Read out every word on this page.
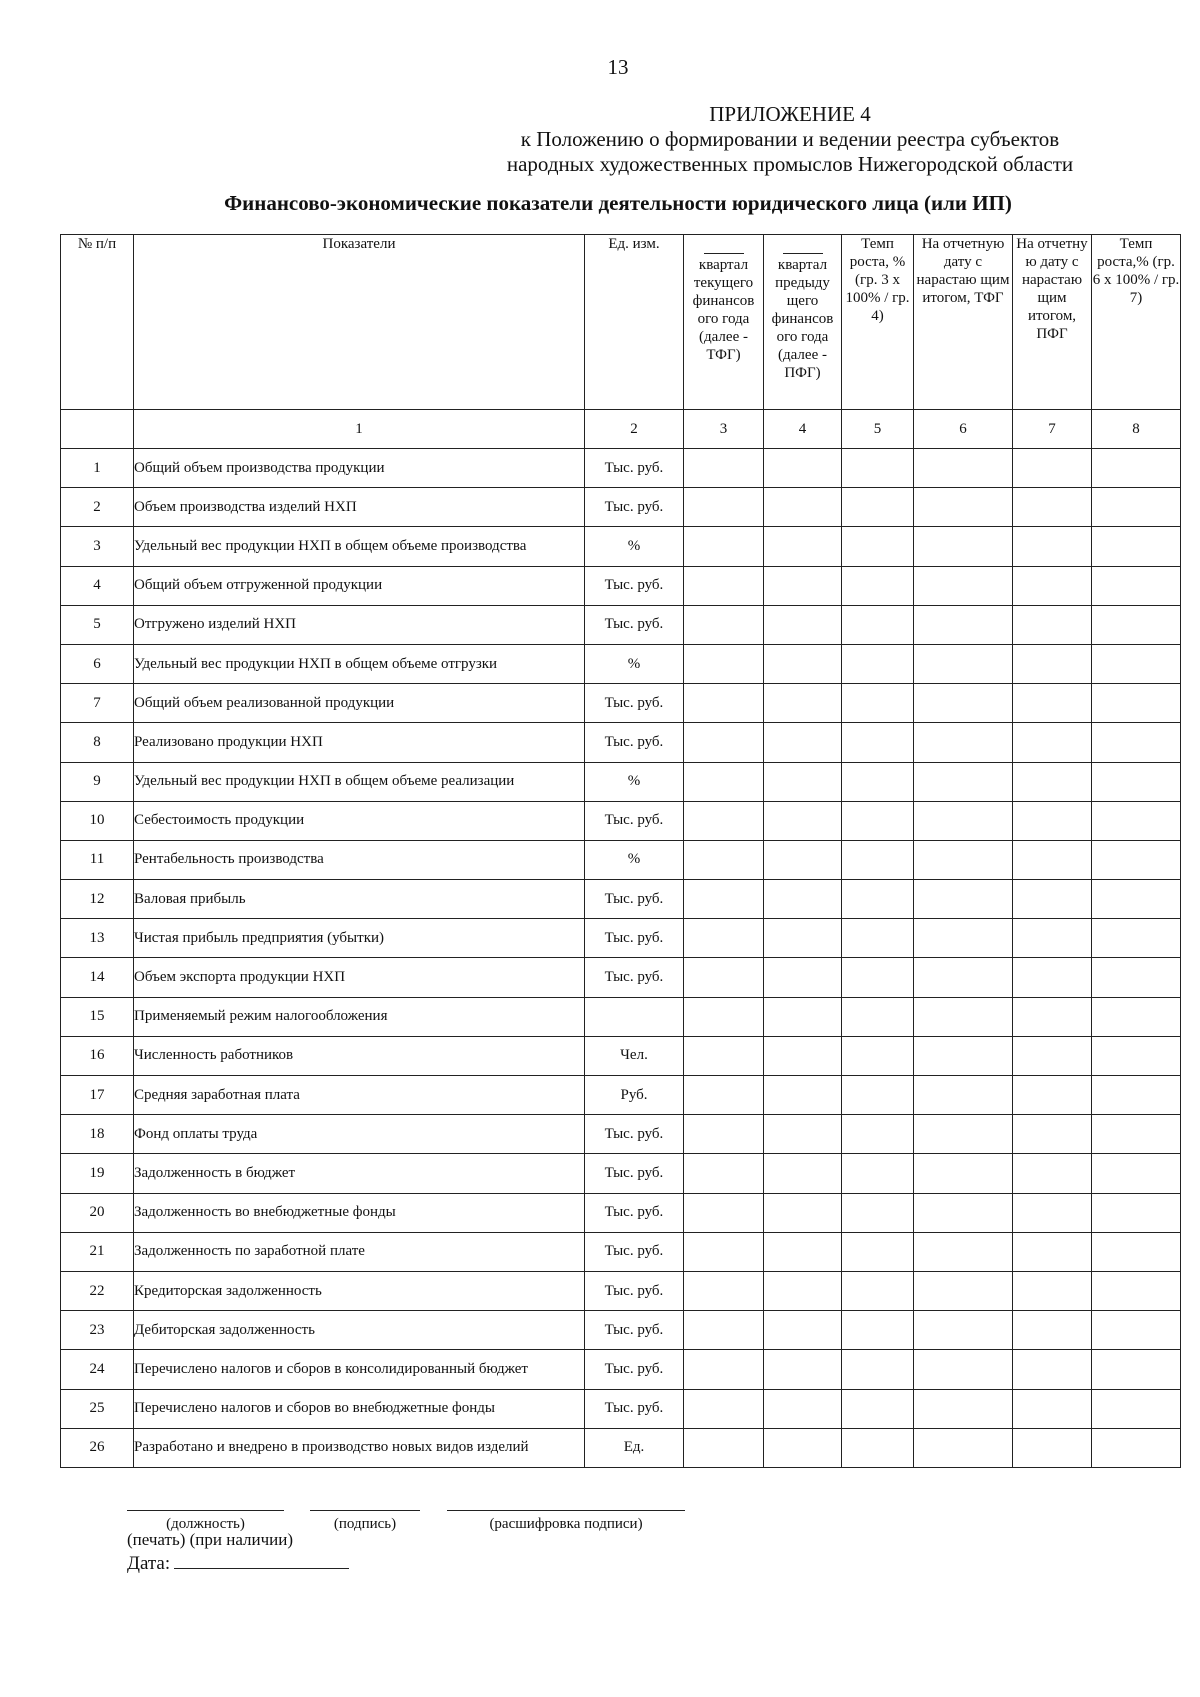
13
ПРИЛОЖЕНИЕ 4
к Положению о формировании и ведении реестра субъектов
народных художественных промыслов Нижегородской области
Финансово-экономические показатели деятельности юридического лица (или ИП)
№ п/п	Показатели	Ед. изм.	квартал текущего финансов ого года (далее - ТФГ)	квартал предыду щего финансов ого года (далее - ПФГ)	Темп роста, % (гр. 3 х 100% / гр. 4)	На отчетную дату с нарастаю щим итогом, ТФГ	На отчетну ю дату с нарастаю щим итогом, ПФГ	Темп роста,% (гр. 6 х 100% / гр. 7)
	1	2	3	4	5	6	7	8
1	Общий объем производства продукции	Тыс. руб.						
2	Объем производства изделий НХП	Тыс. руб.						
3	Удельный вес продукции НХП в общем объеме производства	%						
4	Общий объем отгруженной продукции	Тыс. руб.						
5	Отгружено изделий НХП	Тыс. руб.						
6	Удельный вес продукции НХП в общем объеме отгрузки	%						
7	Общий объем реализованной продукции	Тыс. руб.						
8	Реализовано продукции НХП	Тыс. руб.						
9	Удельный вес продукции НХП в общем объеме реализации	%						
10	Себестоимость продукции	Тыс. руб.						
11	Рентабельность производства	%						
12	Валовая прибыль	Тыс. руб.						
13	Чистая прибыль предприятия (убытки)	Тыс. руб.						
14	Объем экспорта продукции НХП	Тыс. руб.						
15	Применяемый режим налогообложения							
16	Численность работников	Чел.						
17	Средняя заработная плата	Руб.						
18	Фонд оплаты труда	Тыс. руб.						
19	Задолженность в бюджет	Тыс. руб.						
20	Задолженность во внебюджетные фонды	Тыс. руб.						
21	Задолженность по заработной плате	Тыс. руб.						
22	Кредиторская задолженность	Тыс. руб.						
23	Дебиторская задолженность	Тыс. руб.						
24	Перечислено налогов и сборов в консолидированный бюджет	Тыс. руб.						
25	Перечислено налогов и сборов во внебюджетные фонды	Тыс. руб.						
26	Разработано и внедрено в производство новых видов изделий	Ед.						
(должность)	(подпись)	(расшифровка подписи)
(печать) (при наличии)
Дата:
